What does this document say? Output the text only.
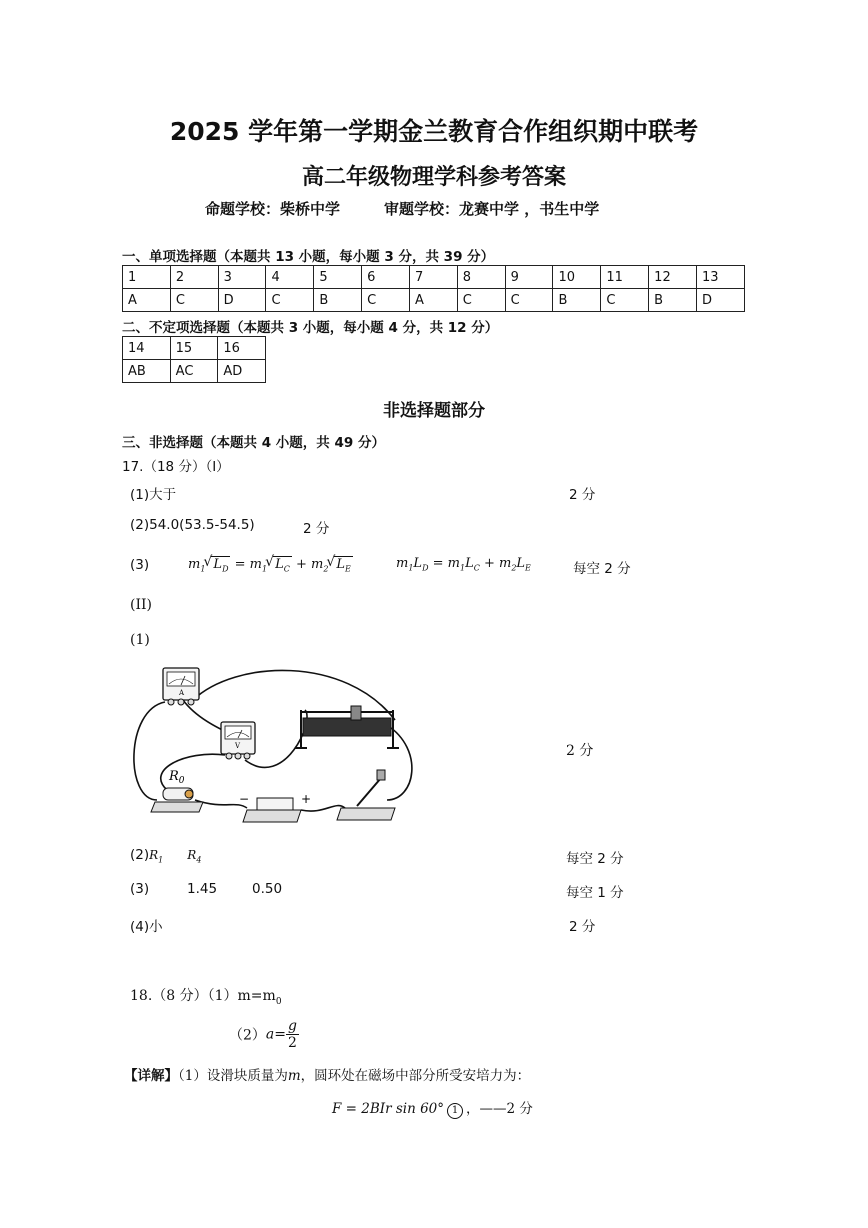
2025 学年第一学期金兰教育合作组织期中联考
高二年级物理学科参考答案
命题学校：柴桥中学	审题学校：龙赛中学 ，书生中学
一、单项选择题（本题共 13 小题，每小题 3 分，共 39 分）
1	2	3	4	5	6	7	8	9	10	11	12	13
A	C	D	C	B	C	A	C	C	B	C	B	D
二、不定项选择题（本题共 3 小题，每小题 4 分，共 12 分）
14	15	16
AB	AC	AD
非选择题部分
三、非选择题（本题共 4 小题，共 49 分）
17.（18 分）（I）
(1)大于	2 分
(2)54.0(53.5-54.5)	2 分
(3)	$m_1$ √ $L_D = m_1$ √ $L_C + m_2$ √ $L_E$	$m_1L_D = m_1L_C + m_2L_E$	每空 2 分
(II)
(1)
A
V
$R_0$
−	+
2 分
$(2)R_1$ $R_4$	每空 2 分
(3)	1.45	0.50	每空 1 分
(4)小	2 分
18.（8 分）$(1)m=m_0$
$(2)a= \frac{g}{2}$
【详解】（1）设滑块质量为m，圆环处在磁场中部分所受安培力为：
F = 2BIr sin 60° 1 ，——2 分
